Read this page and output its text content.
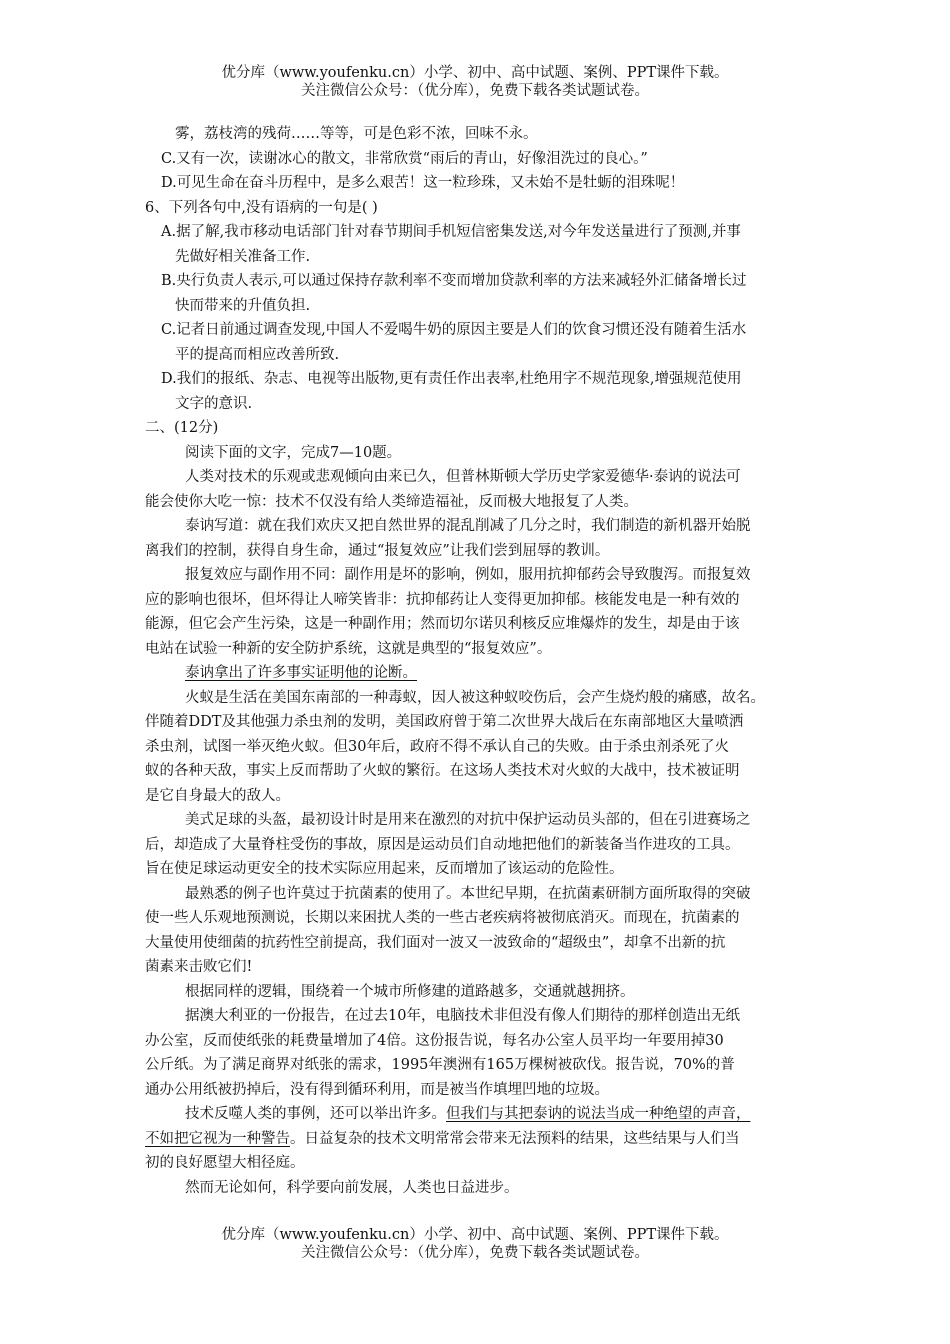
优分库（www.youfenku.cn）小学、初中、高中试题、案例、PPT课件下载。
关注微信公众号：（优分库），免费下载各类试题试卷。
雾，荔枝湾的残荷……等等，可是色彩不浓，回味不永。
C.又有一次，读谢冰心的散文，非常欣赏“雨后的青山，好像泪洗过的良心。”
D.可见生命在奋斗历程中，是多么艰苦！这一粒珍珠，又未始不是牡蛎的泪珠呢！
6、下列各句中,没有语病的一句是( )
A.据了解,我市移动电话部门针对春节期间手机短信密集发送,对今年发送量进行了预测,并事
先做好相关准备工作.
B.央行负责人表示,可以通过保持存款利率不变而增加贷款利率的方法来减轻外汇储备增长过
快而带来的升值负担.
C.记者日前通过调查发现,中国人不爱喝牛奶的原因主要是人们的饮食习惯还没有随着生活水
平的提高而相应改善所致.
D.我们的报纸、杂志、电视等出版物,更有责任作出表率,杜绝用字不规范现象,增强规范使用
文字的意识.
二、(12分)
阅读下面的文字，完成7—10题。
人类对技术的乐观或悲观倾向由来已久，但普林斯顿大学历史学家爱德华·泰讷的说法可
能会使你大吃一惊：技术不仅没有给人类缔造福祉，反而极大地报复了人类。
泰讷写道：就在我们欢庆又把自然世界的混乱削减了几分之时，我们制造的新机器开始脱
离我们的控制，获得自身生命，通过“报复效应”让我们尝到屈辱的教训。
报复效应与副作用不同：副作用是坏的影响，例如，服用抗抑郁药会导致腹泻。而报复效
应的影响也很坏，但坏得让人啼笑皆非：抗抑郁药让人变得更加抑郁。核能发电是一种有效的
能源，但它会产生污染，这是一种副作用；然而切尔诺贝利核反应堆爆炸的发生，却是由于该
电站在试验一种新的安全防护系统，这就是典型的“报复效应”。
泰讷拿出了许多事实证明他的论断。
火蚁是生活在美国东南部的一种毒蚁，因人被这种蚁咬伤后，会产生烧灼般的痛感，故名。
伴随着DDT及其他强力杀虫剂的发明，美国政府曾于第二次世界大战后在东南部地区大量喷洒
杀虫剂，试图一举灭绝火蚁。但30年后，政府不得不承认自己的失败。由于杀虫剂杀死了火
蚁的各种天敌，事实上反而帮助了火蚁的繁衍。在这场人类技术对火蚁的大战中，技术被证明
是它自身最大的敌人。
美式足球的头盔，最初设计时是用来在激烈的对抗中保护运动员头部的，但在引进赛场之
后，却造成了大量脊柱受伤的事故，原因是运动员们自动地把他们的新装备当作进攻的工具。
旨在使足球运动更安全的技术实际应用起来，反而增加了该运动的危险性。
最熟悉的例子也许莫过于抗菌素的使用了。本世纪早期，在抗菌素研制方面所取得的突破
使一些人乐观地预测说，长期以来困扰人类的一些古老疾病将被彻底消灭。而现在，抗菌素的
大量使用使细菌的抗药性空前提高，我们面对一波又一波致命的“超级虫”，却拿不出新的抗
菌素来击败它们!
根据同样的逻辑，围绕着一个城市所修建的道路越多，交通就越拥挤。
据澳大利亚的一份报告，在过去10年，电脑技术非但没有像人们期待的那样创造出无纸
办公室，反而使纸张的耗费量增加了4倍。这份报告说，每名办公室人员平均一年要用掉30
公斤纸。为了满足商界对纸张的需求，1995年澳洲有165万棵树被砍伐。报告说，70%的普
通办公用纸被扔掉后，没有得到循环利用，而是被当作填埋凹地的垃圾。
技术反噬人类的事例，还可以举出许多。但我们与其把泰讷的说法当成一种绝望的声音，
不如把它视为一种警告。日益复杂的技术文明常常会带来无法预料的结果，这些结果与人们当
初的良好愿望大相径庭。
然而无论如何，科学要向前发展，人类也日益进步。
优分库（www.youfenku.cn）小学、初中、高中试题、案例、PPT课件下载。
关注微信公众号：（优分库），免费下载各类试题试卷。
